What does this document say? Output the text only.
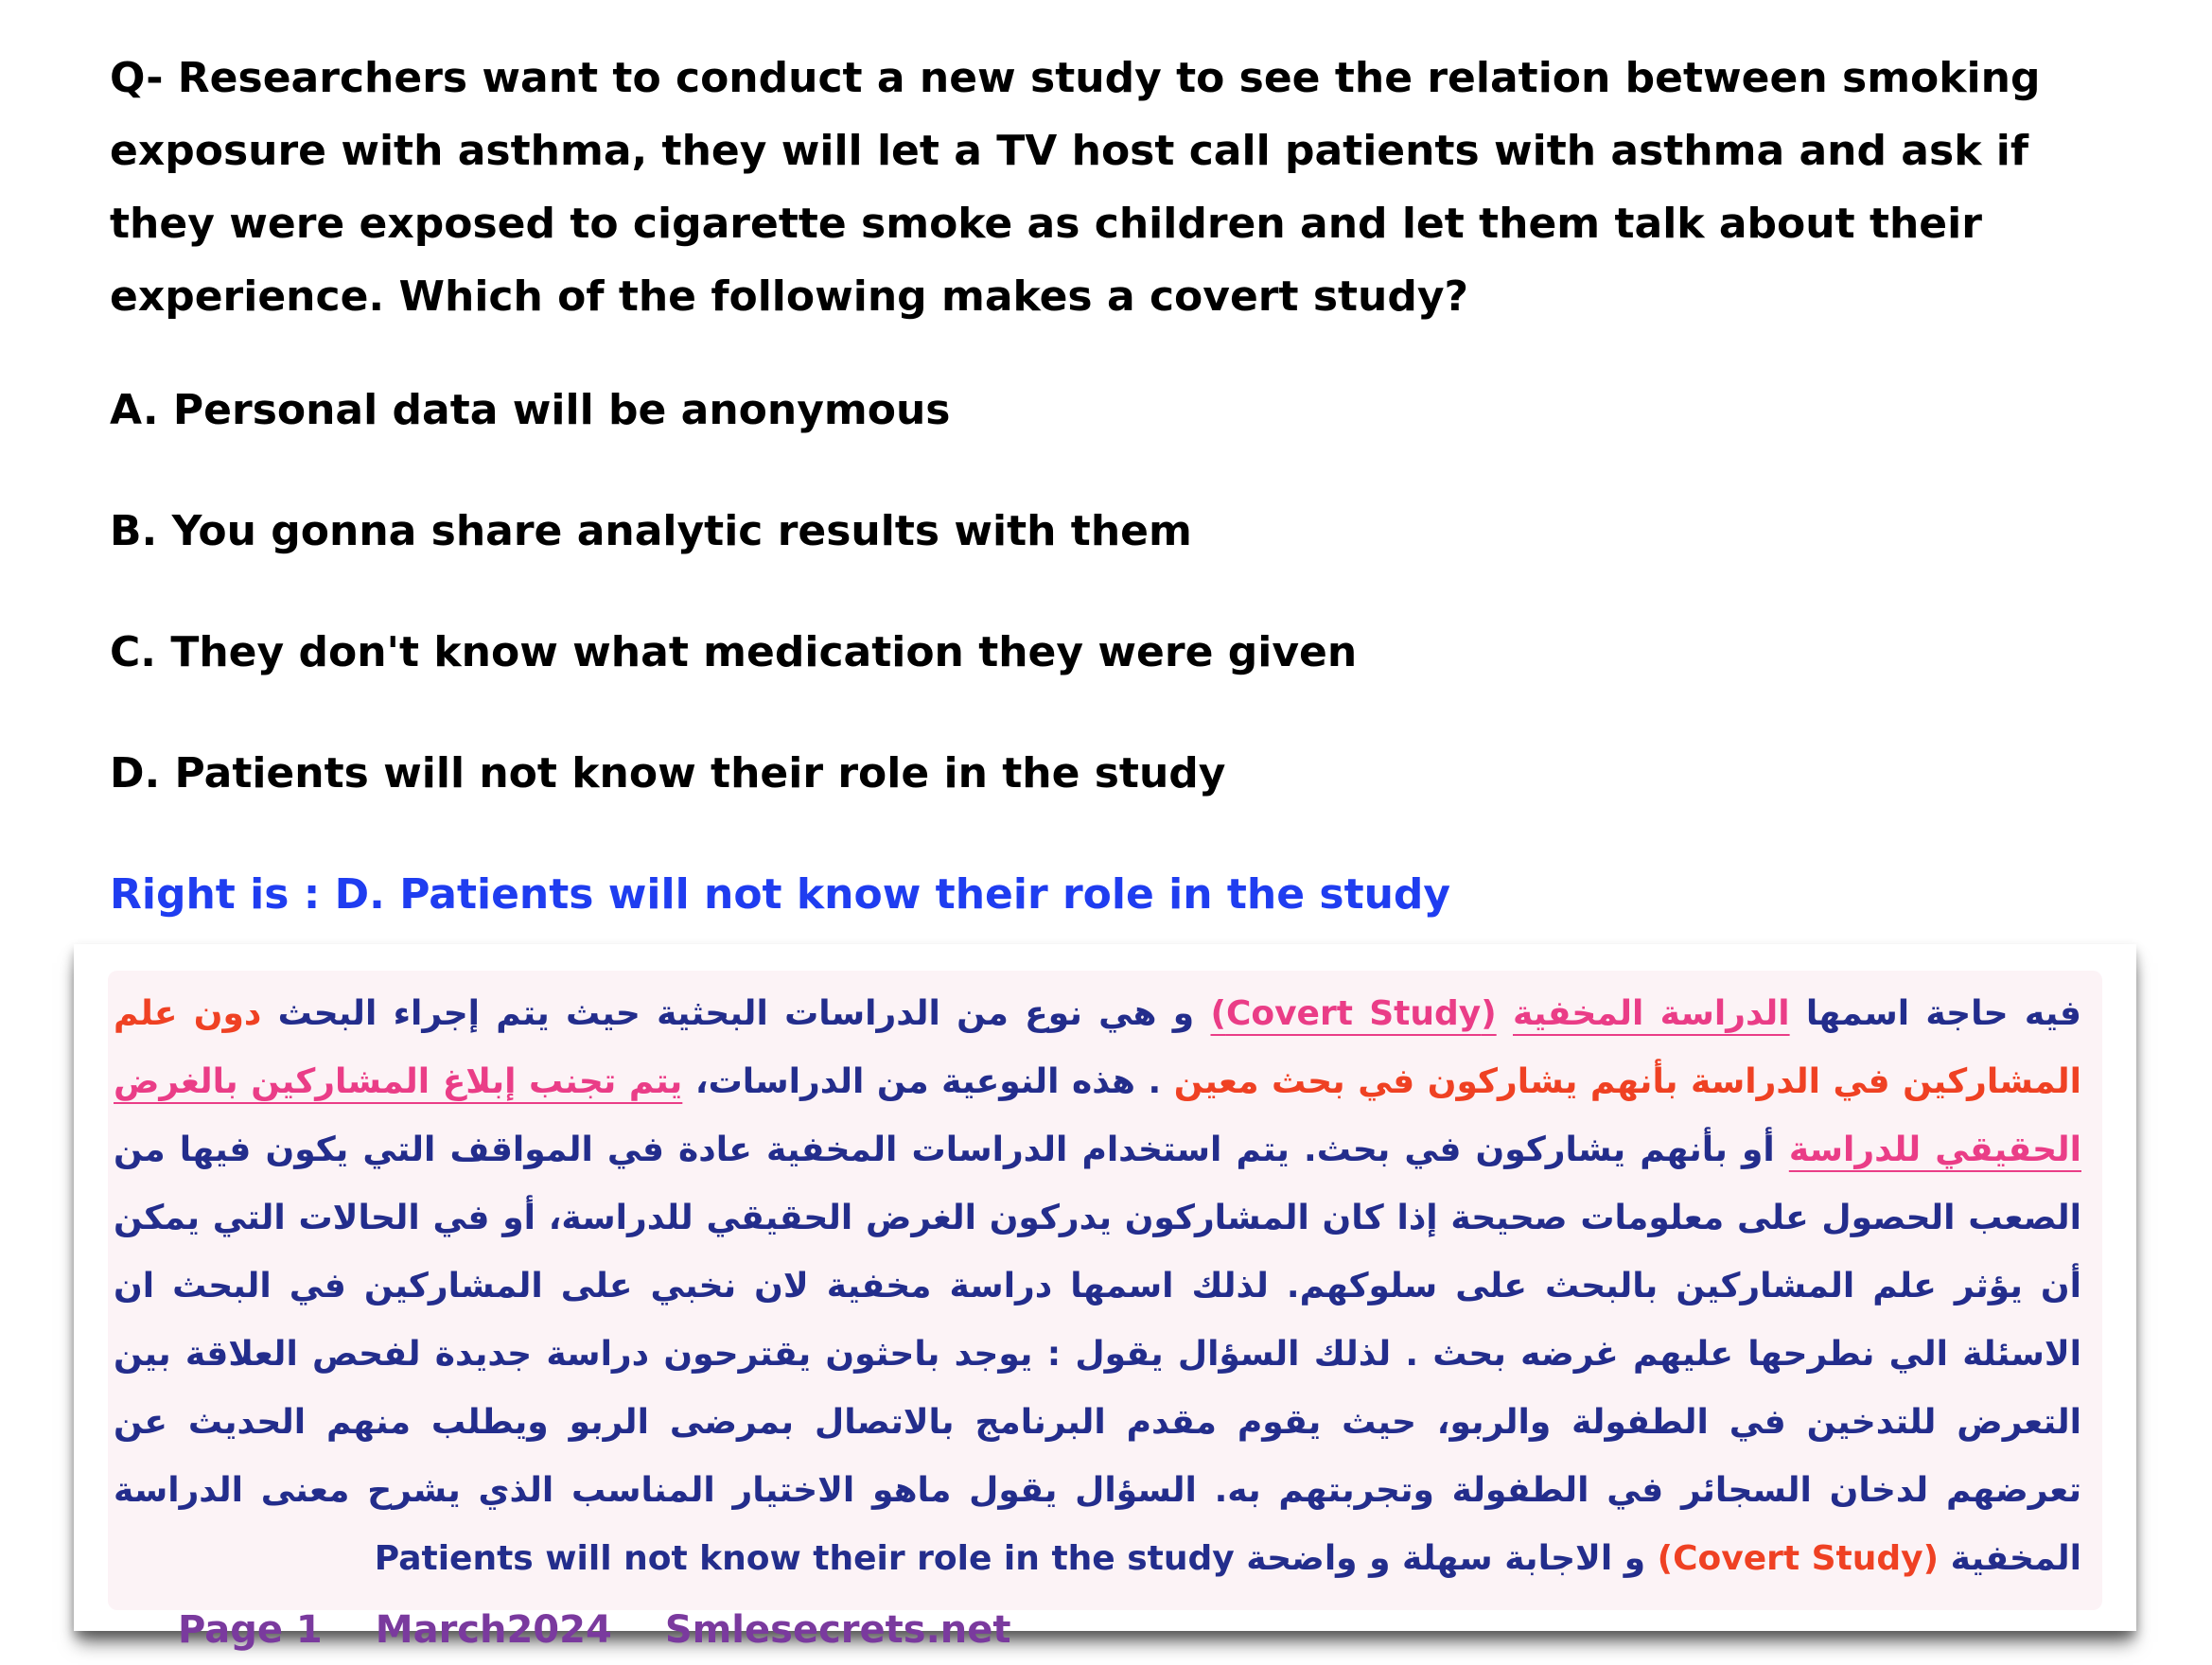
Q- Researchers want to conduct a new study to see the relation between smoking exposure with asthma, they will let a TV host call patients with asthma and ask if they were exposed to cigarette smoke as children and let them talk about their experience. Which of the following makes a covert study?

A. Personal data will be anonymous

B. You gonna share analytic results with them

C. They don't know what medication they were given

D. Patients will not know their role in the study

Right is : D. Patients will not know their role in the study

فيه حاجة اسمها الدراسة المخفية (Covert Study) و هي نوع من الدراسات البحثية حيث يتم إجراء البحث دون علم المشاركين في الدراسة بأنهم يشاركون في بحث معين . هذه النوعية من الدراسات، يتم تجنب إبلاغ المشاركين بالغرض الحقيقي للدراسة أو بأنهم يشاركون في بحث. يتم استخدام الدراسات المخفية عادة في المواقف التي يكون فيها من الصعب الحصول على معلومات صحيحة إذا كان المشاركون يدركون الغرض الحقيقي للدراسة، أو في الحالات التي يمكن أن يؤثر علم المشاركين بالبحث على سلوكهم. لذلك اسمها دراسة مخفية لان نخبي على المشاركين في البحث ان الاسئلة الي نطرحها عليهم غرضه بحث . لذلك السؤال يقول : يوجد باحثون يقترحون دراسة جديدة لفحص العلاقة بين التعرض للتدخين في الطفولة والربو، حيث يقوم مقدم البرنامج بالاتصال بمرضى الربو ويطلب منهم الحديث عن تعرضهم لدخان السجائر في الطفولة وتجربتهم به. السؤال يقول ماهو الاختيار المناسب الذي يشرح معنى الدراسة المخفية (Covert Study) و الاجابة سهلة و واضحة Patients will not know their role in the study

Page 1 March2024 Smlesecrets.net
